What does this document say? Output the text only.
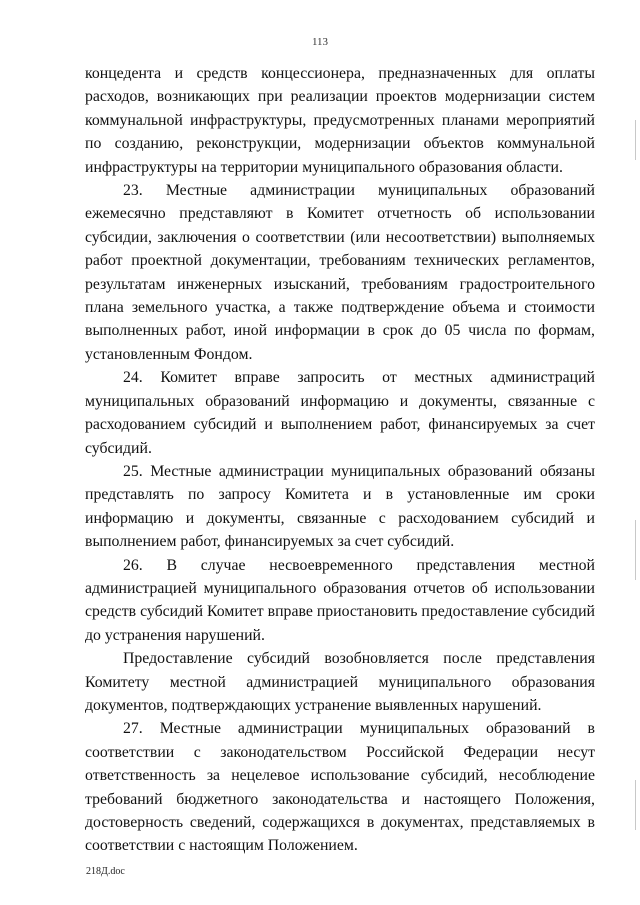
113

концедента и средств концессионера, предназначенных для оплаты расходов, возникающих при реализации проектов модернизации систем коммунальной инфраструктуры, предусмотренных планами мероприятий по созданию, реконструкции, модернизации объектов коммунальной инфраструктуры на территории муниципального образования области.

23. Местные администрации муниципальных образований ежемесячно представляют в Комитет отчетность об использовании субсидии, заключения о соответствии (или несоответствии) выполняемых работ проектной документации, требованиям технических регламентов, результатам инженерных изысканий, требованиям градостроительного плана земельного участка, а также подтверждение объема и стоимости выполненных работ, иной информации в срок до 05 числа по формам, установленным Фондом.

24. Комитет вправе запросить от местных администраций муниципальных образований информацию и документы, связанные с расходованием субсидий и выполнением работ, финансируемых за счет субсидий.

25. Местные администрации муниципальных образований обязаны представлять по запросу Комитета и в установленные им сроки информацию и документы, связанные с расходованием субсидий и выполнением работ, финансируемых за счет субсидий.

26. В случае несвоевременного представления местной администрацией муниципального образования отчетов об использовании средств субсидий Комитет вправе приостановить предоставление субсидий до устранения нарушений.

Предоставление субсидий возобновляется после представления Комитету местной администрацией муниципального образования документов, подтверждающих устранение выявленных нарушений.

27. Местные администрации муниципальных образований в соответствии с законодательством Российской Федерации несут ответственность за нецелевое использование субсидий, несоблюдение требований бюджетного законодательства и настоящего Положения, достоверность сведений, содержащихся в документах, представляемых в соответствии с настоящим Положением.

218Д.doc
